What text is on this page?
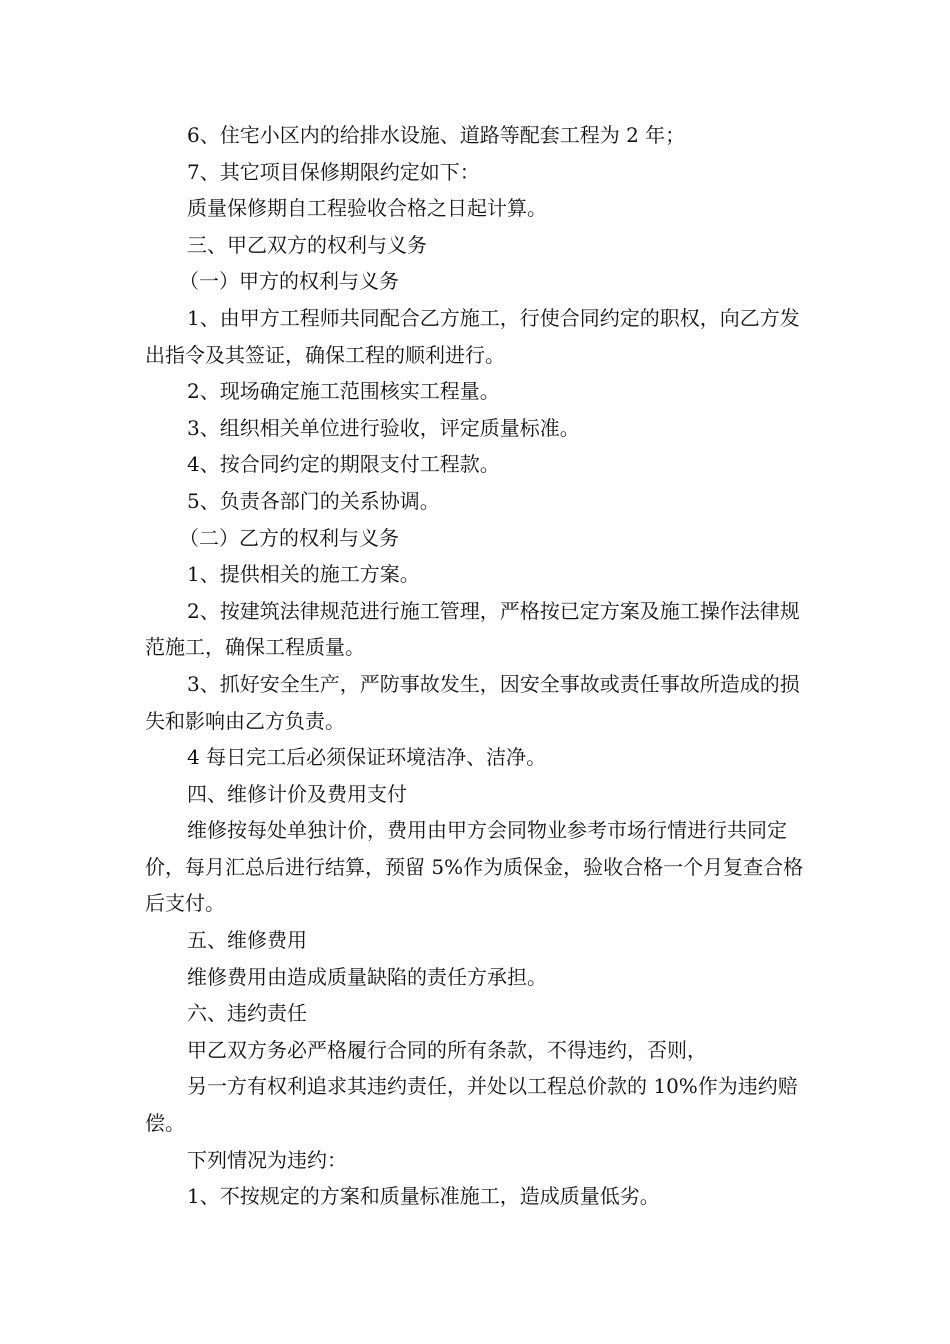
6、住宅小区内的给排水设施、道路等配套工程为 2 年；

7、其它项目保修期限约定如下：

质量保修期自工程验收合格之日起计算。

三、甲乙双方的权利与义务

（一）甲方的权利与义务

1、由甲方工程师共同配合乙方施工，行使合同约定的职权，向乙方发出指令及其签证，确保工程的顺利进行。

2、现场确定施工范围核实工程量。

3、组织相关单位进行验收，评定质量标准。

4、按合同约定的期限支付工程款。

5、负责各部门的关系协调。

（二）乙方的权利与义务

1、提供相关的施工方案。

2、按建筑法律规范进行施工管理，严格按已定方案及施工操作法律规范施工，确保工程质量。

3、抓好安全生产，严防事故发生，因安全事故或责任事故所造成的损失和影响由乙方负责。

4 每日完工后必须保证环境洁净、洁净。

四、维修计价及费用支付

维修按每处单独计价，费用由甲方会同物业参考市场行情进行共同定价，每月汇总后进行结算，预留 5%作为质保金，验收合格一个月复查合格后支付。

五、维修费用

维修费用由造成质量缺陷的责任方承担。

六、违约责任

甲乙双方务必严格履行合同的所有条款，不得违约，否则，

另一方有权利追求其违约责任，并处以工程总价款的 10%作为违约赔偿。

下列情况为违约：

1、不按规定的方案和质量标准施工，造成质量低劣。
